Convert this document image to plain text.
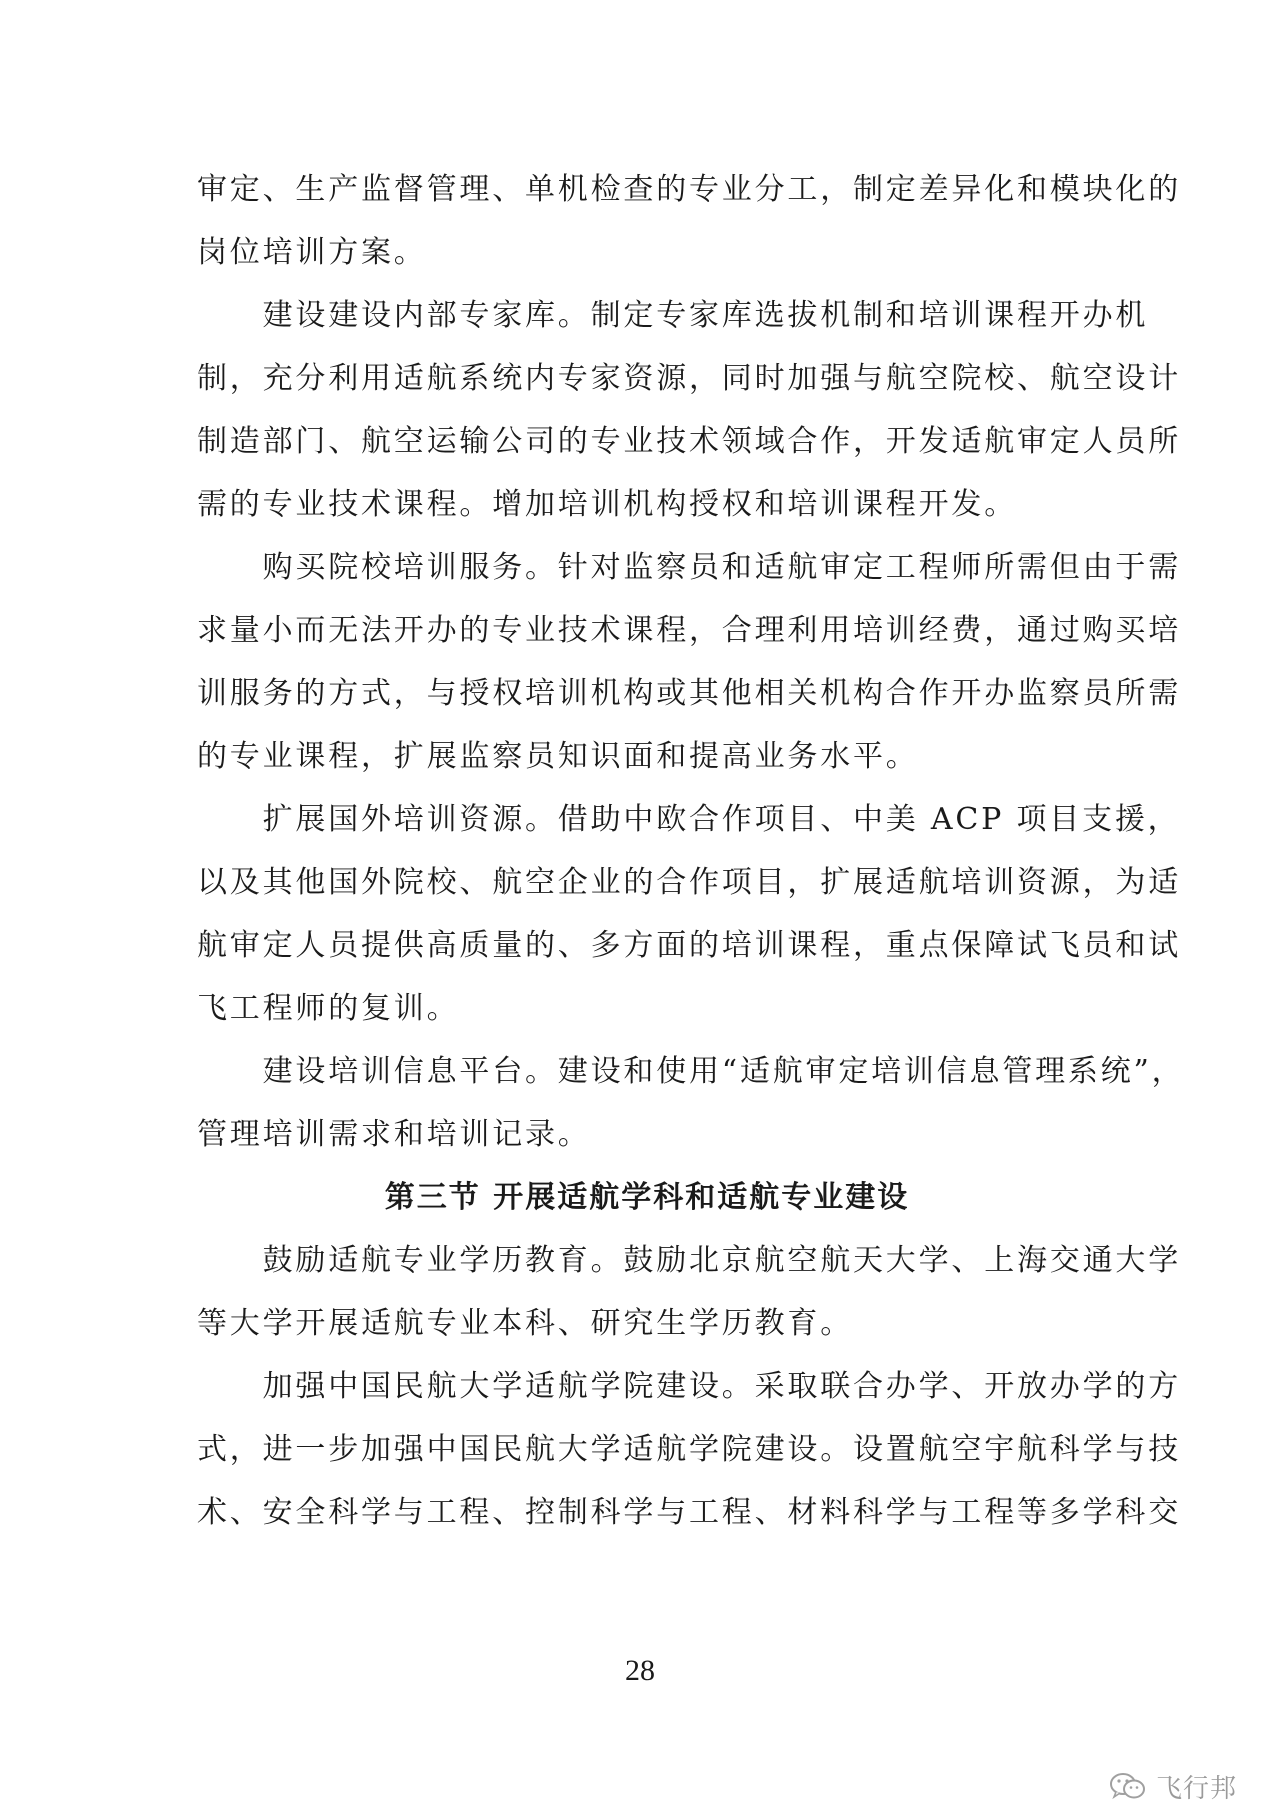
审定、生产监督管理、单机检查的专业分工，制定差异化和模块化的
岗位培训方案。
　　建设建设内部专家库。制定专家库选拔机制和培训课程开办机
制，充分利用适航系统内专家资源，同时加强与航空院校、航空设计
制造部门、航空运输公司的专业技术领域合作，开发适航审定人员所
需的专业技术课程。增加培训机构授权和培训课程开发。
　　购买院校培训服务。针对监察员和适航审定工程师所需但由于需
求量小而无法开办的专业技术课程，合理利用培训经费，通过购买培
训服务的方式，与授权培训机构或其他相关机构合作开办监察员所需
的专业课程，扩展监察员知识面和提高业务水平。
　　扩展国外培训资源。借助中欧合作项目、中美 ACP 项目支援，
以及其他国外院校、航空企业的合作项目，扩展适航培训资源，为适
航审定人员提供高质量的、多方面的培训课程，重点保障试飞员和试
飞工程师的复训。
　　建设培训信息平台。建设和使用“适航审定培训信息管理系统”，
管理培训需求和培训记录。
第三节 开展适航学科和适航专业建设
　　鼓励适航专业学历教育。鼓励北京航空航天大学、上海交通大学
等大学开展适航专业本科、研究生学历教育。
　　加强中国民航大学适航学院建设。采取联合办学、开放办学的方
式，进一步加强中国民航大学适航学院建设。设置航空宇航科学与技
术、安全科学与工程、控制科学与工程、材料科学与工程等多学科交
28
飞行邦
